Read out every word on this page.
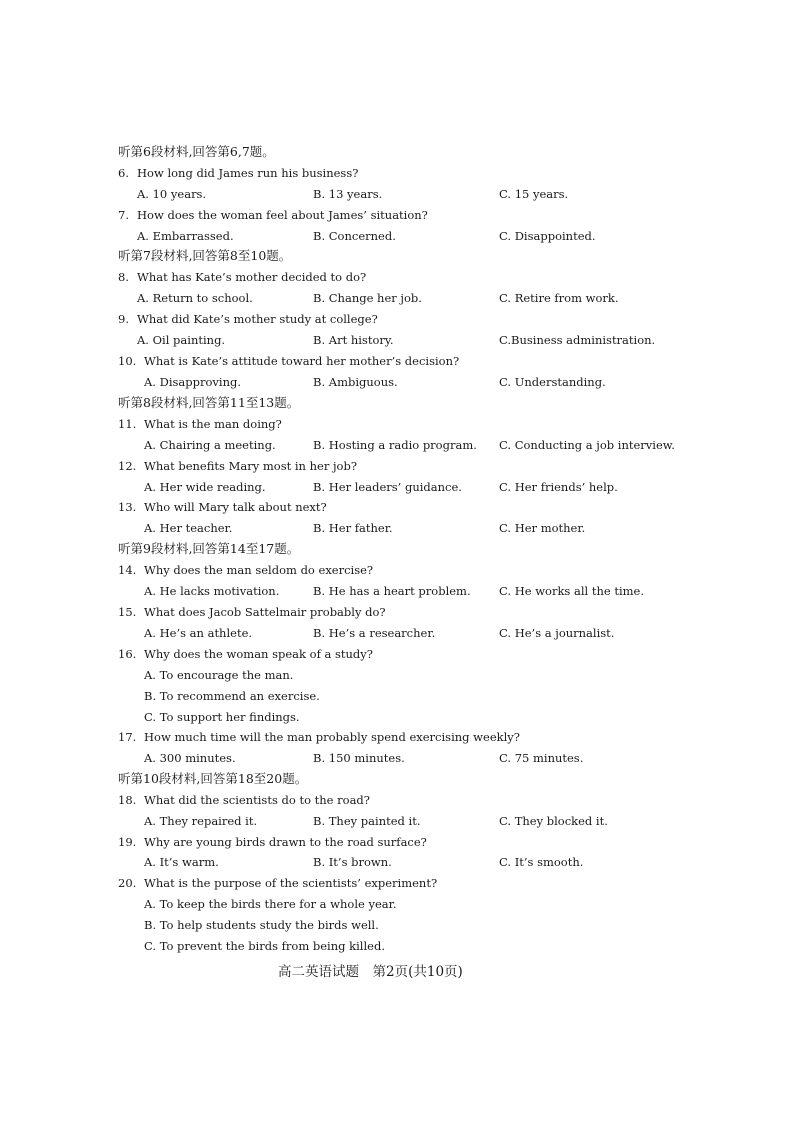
听第6段材料,回答第6,7题。
6. How long did James run his business?
A. 10 years.	B. 13 years.	C. 15 years.
7. How does the woman feel about James’ situation?
A. Embarrassed.	B. Concerned.	C. Disappointed.
听第7段材料,回答第8至10题。
8. What has Kate’s mother decided to do?
A. Return to school.	B. Change her job.	C. Retire from work.
9. What did Kate’s mother study at college?
A. Oil painting.	B. Art history.	C.Business administration.
10. What is Kate’s attitude toward her mother’s decision?
A. Disapproving.	B. Ambiguous.	C. Understanding.
听第8段材料,回答第11至13题。
11. What is the man doing?
A. Chairing a meeting.	B. Hosting a radio program. C. Conducting a job interview.
12. What benefits Mary most in her job?
A. Her wide reading.	B. Her leaders’ guidance.	C. Her friends’ help.
13. Who will Mary talk about next?
A. Her teacher.	B. Her father.	C. Her mother.
听第9段材料,回答第14至17题。
14. Why does the man seldom do exercise?
A. He lacks motivation.	B. He has a heart problem. C. He works all the time.
15. What does Jacob Sattelmair probably do?
A. He’s an athlete.	B. He’s a researcher.	C. He’s a journalist.
16. Why does the woman speak of a study?
A. To encourage the man.
B. To recommend an exercise.
C. To support her findings.
17. How much time will the man probably spend exercising weekly?
A. 300 minutes.	B. 150 minutes.	C. 75 minutes.
听第10段材料,回答第18至20题。
18. What did the scientists do to the road?
A. They repaired it.	B. They painted it.	C. They blocked it.
19. Why are young birds drawn to the road surface?
A. It’s warm.	B. It’s brown.	C. It’s smooth.
20. What is the purpose of the scientists’ experiment?
A. To keep the birds there for a whole year.
B. To help students study the birds well.
C. To prevent the birds from being killed.
高二英语试题　第2页(共10页)
